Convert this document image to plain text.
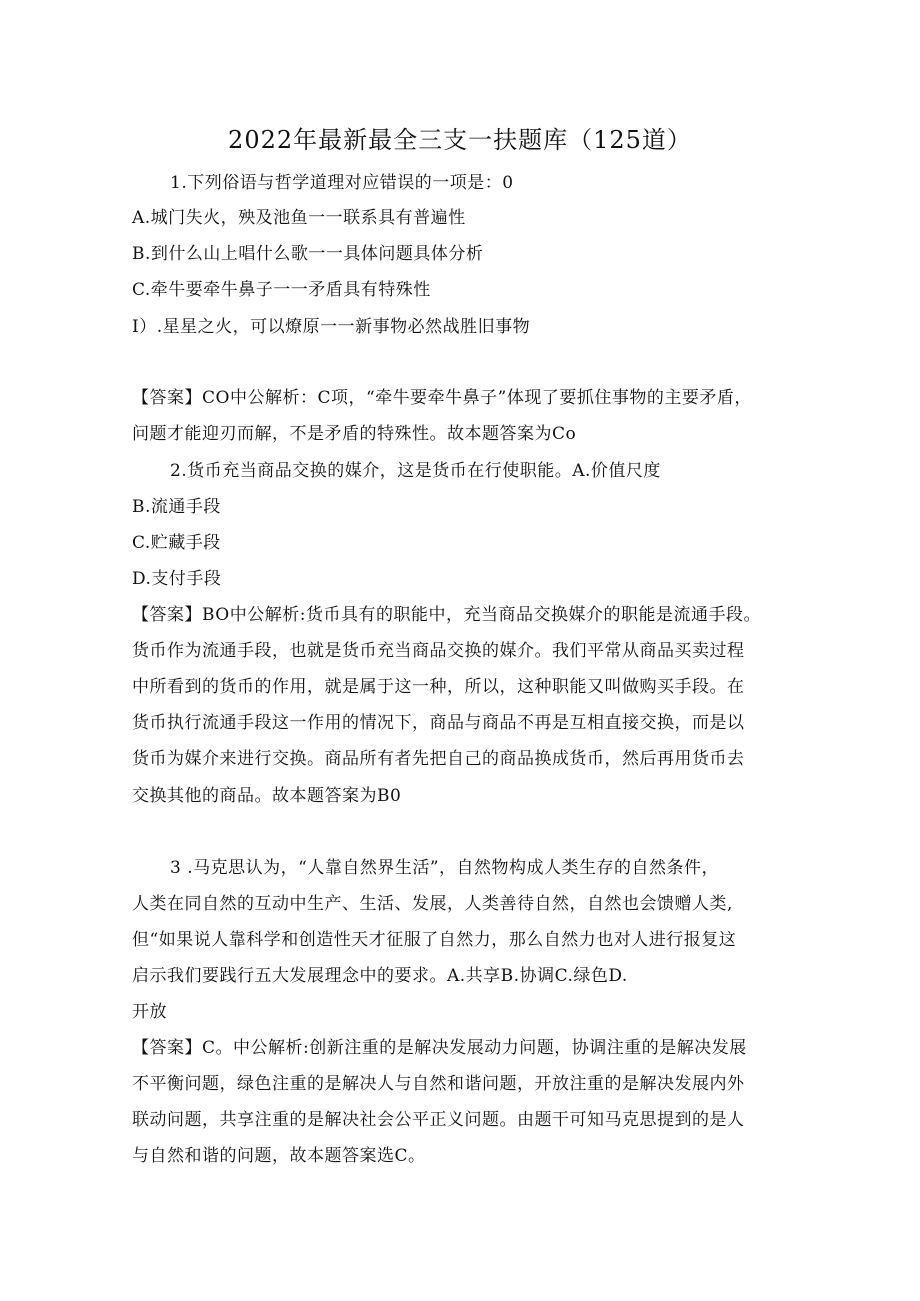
2022年最新最全三支一扶题库（125道）
1.下列俗语与哲学道理对应错误的一项是：0
A.城门失火，殃及池鱼一一联系具有普遍性
B.到什么山上唱什么歌一一具体问题具体分析
C.牵牛要牵牛鼻子一一矛盾具有特殊性
I）.星星之火，可以燎原一一新事物必然战胜旧事物
【答案】CO中公解析：C项，“牵牛要牵牛鼻子”体现了要抓住事物的主要矛盾，
问题才能迎刃而解，不是矛盾的特殊性。故本题答案为Co
2.货币充当商品交换的媒介，这是货币在行使职能。A.价值尺度
B.流通手段
C.贮藏手段
D.支付手段
【答案】BO中公解析:货币具有的职能中，充当商品交换媒介的职能是流通手段。
货币作为流通手段，也就是货币充当商品交换的媒介。我们平常从商品买卖过程
中所看到的货币的作用，就是属于这一种，所以，这种职能又叫做购买手段。在
货币执行流通手段这一作用的情况下，商品与商品不再是互相直接交换，而是以
货币为媒介来进行交换。商品所有者先把自己的商品换成货币，然后再用货币去
交换其他的商品。故本题答案为B0
3 .马克思认为，“人靠自然界生活”，自然物构成人类生存的自然条件，
人类在同自然的互动中生产、生活、发展，人类善待自然，自然也会馈赠人类,
但“如果说人靠科学和创造性天才征服了自然力，那么自然力也对人进行报复这
启示我们要践行五大发展理念中的要求。A.共享B.协调C.绿色D.
开放
【答案】C。中公解析:创新注重的是解决发展动力问题，协调注重的是解决发展
不平衡问题，绿色注重的是解决人与自然和谐问题，开放注重的是解决发展内外
联动问题，共享注重的是解决社会公平正义问题。由题干可知马克思提到的是人
与自然和谐的问题，故本题答案选C。
